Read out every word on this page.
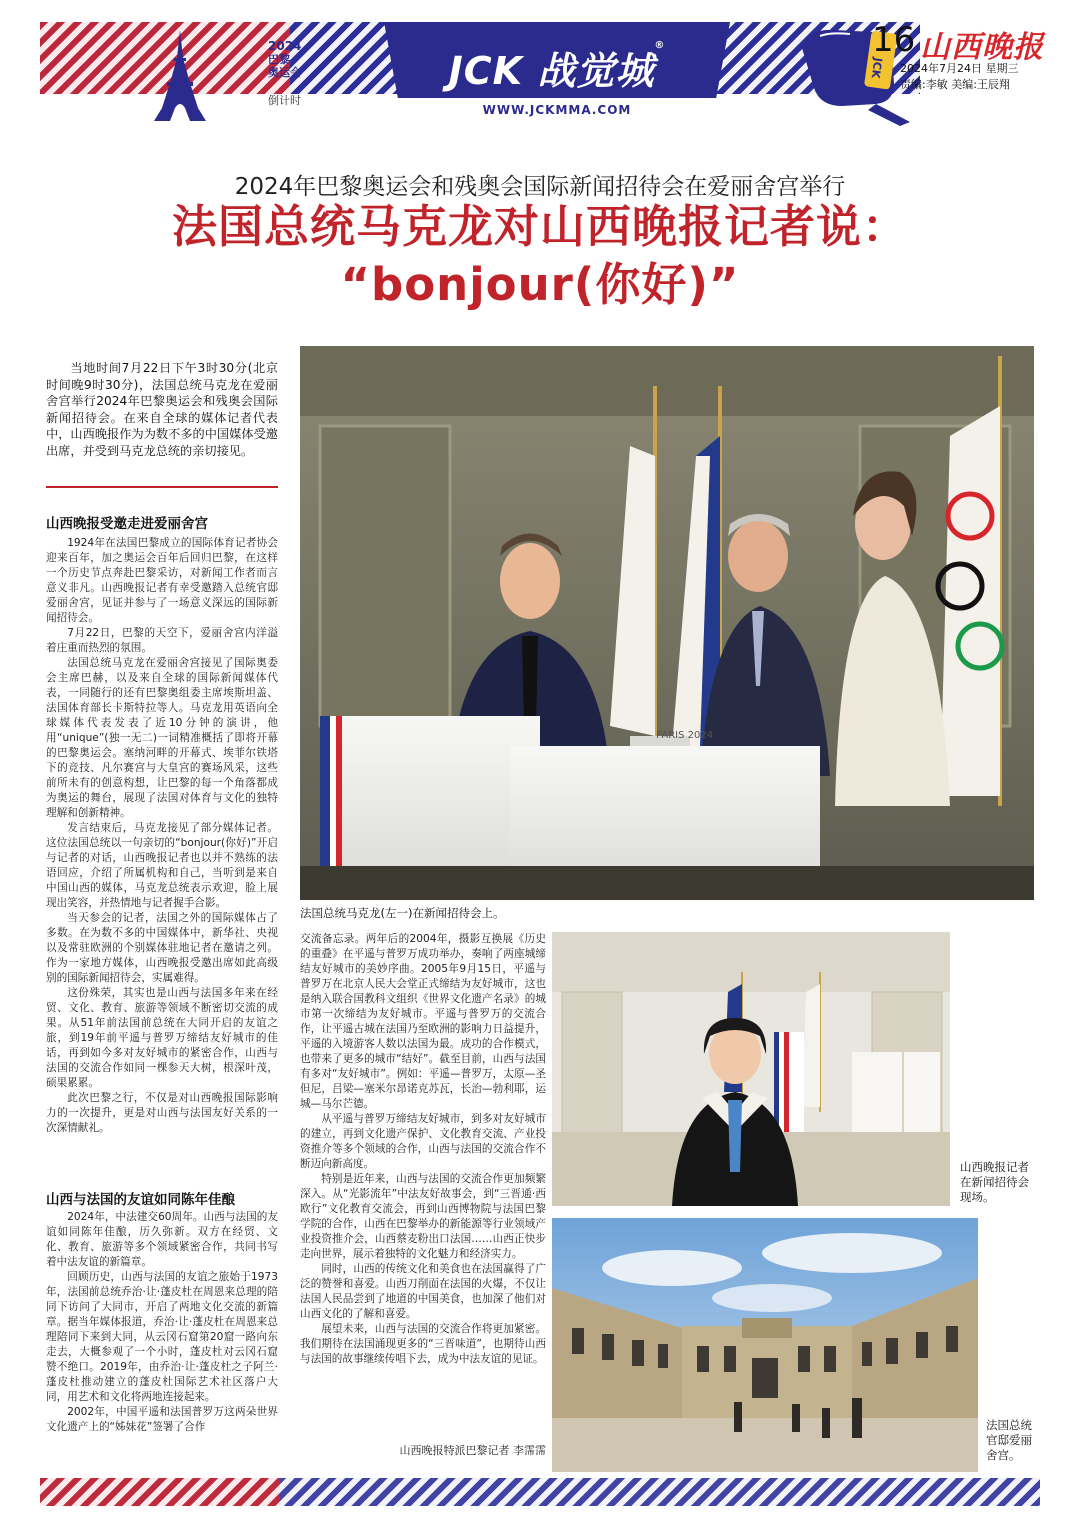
2024
巴黎
奥运会
倒计时
JCK 战觉城®
WWW.JCKMMA.COM
JCK
16 山西晚报
2024年7月24日 星期三
责编:李敏 美编:王辰翔
2024年巴黎奥运会和残奥会国际新闻招待会在爱丽舍宫举行
法国总统马克龙对山西晚报记者说：
“bonjour(你好)”
当地时间7月22日下午3时30分(北京时间晚9时30分)，法国总统马克龙在爱丽舍宫举行2024年巴黎奥运会和残奥会国际新闻招待会。在来自全球的媒体记者代表中，山西晚报作为为数不多的中国媒体受邀出席，并受到马克龙总统的亲切接见。
山西晚报受邀走进爱丽舍宫

1924年在法国巴黎成立的国际体育记者协会迎来百年，加之奥运会百年后回归巴黎，在这样一个历史节点奔赴巴黎采访，对新闻工作者而言意义非凡。山西晚报记者有幸受邀踏入总统官邸爱丽舍宫，见证并参与了一场意义深远的国际新闻招待会。

7月22日，巴黎的天空下，爱丽舍宫内洋溢着庄重而热烈的氛围。

法国总统马克龙在爱丽舍宫接见了国际奥委会主席巴赫，以及来自全球的国际新闻媒体代表，一同随行的还有巴黎奥组委主席埃斯坦盖、法国体育部长卡斯特拉等人。马克龙用英语向全球媒体代表发表了近10分钟的演讲，他用“unique”(独一无二)一词精准概括了即将开幕的巴黎奥运会。塞纳河畔的开幕式、埃菲尔铁塔下的竞技、凡尔赛宫与大皇宫的赛场风采，这些前所未有的创意构想，让巴黎的每一个角落都成为奥运的舞台，展现了法国对体育与文化的独特理解和创新精神。

发言结束后，马克龙接见了部分媒体记者。这位法国总统以一句亲切的“bonjour(你好)”开启与记者的对话，山西晚报记者也以并不熟练的法语回应，介绍了所属机构和自己，当听到是来自中国山西的媒体，马克龙总统表示欢迎，脸上展现出笑容，并热情地与记者握手合影。

当天参会的记者，法国之外的国际媒体占了多数。在为数不多的中国媒体中，新华社、央视以及常驻欧洲的个别媒体驻地记者在邀请之列。作为一家地方媒体，山西晚报受邀出席如此高级别的国际新闻招待会，实属难得。

这份殊荣，其实也是山西与法国多年来在经贸、文化、教育、旅游等领域不断密切交流的成果。从51年前法国前总统在大同开启的友谊之旅，到19年前平遥与普罗万缔结友好城市的佳话，再到如今多对友好城市的紧密合作，山西与法国的交流合作如同一棵参天大树，根深叶茂，硕果累累。

此次巴黎之行，不仅是对山西晚报国际影响力的一次提升，更是对山西与法国友好关系的一次深情献礼。

山西与法国的友谊如同陈年佳酿

2024年，中法建交60周年。山西与法国的友谊如同陈年佳酿，历久弥新。双方在经贸、文化、教育、旅游等多个领域紧密合作，共同书写着中法友谊的新篇章。

回顾历史，山西与法国的友谊之旅始于1973年，法国前总统乔治·让·蓬皮杜在周恩来总理的陪同下访问了大同市，开启了两地文化交流的新篇章。据当年媒体报道，乔治·让·蓬皮杜在周恩来总理陪同下来到大同，从云冈石窟第20窟一路向东走去，大概参观了一个小时，蓬皮杜对云冈石窟赞不绝口。2019年，由乔治·让·蓬皮杜之子阿兰·蓬皮杜推动建立的蓬皮杜国际艺术社区落户大同，用艺术和文化将两地连接起来。

2002年，中国平遥和法国普罗万这两朵世界文化遗产上的“姊妹花”签署了合作

PARIS 2024
法国总统马克龙(左一)在新闻招待会上。

交流备忘录。两年后的2004年，摄影互换展《历史的重叠》在平遥与普罗万成功举办，奏响了两座城缔结友好城市的美妙序曲。2005年9月15日，平遥与普罗万在北京人民大会堂正式缔结为友好城市，这也是纳入联合国教科文组织《世界文化遗产名录》的城市第一次缔结为友好城市。平遥与普罗万的交流合作，让平遥古城在法国乃至欧洲的影响力日益提升，平遥的入境游客人数以法国为最。成功的合作模式，也带来了更多的城市“结好”。截至目前，山西与法国有多对“友好城市”。例如：平遥—普罗万，太原—圣但尼，吕梁—塞米尔昂诺克苏瓦，长治—勃利耶，运城—马尔芒德。

从平遥与普罗万缔结友好城市，到多对友好城市的建立，再到文化遗产保护、文化教育交流、产业投资推介等多个领域的合作，山西与法国的交流合作不断迈向新高度。

特别是近年来，山西与法国的交流合作更加频繁深入。从“光影流年”中法友好故事会，到“三晋通·西欧行”文化教育交流会，再到山西博物院与法国巴黎学院的合作，山西在巴黎举办的新能源等行业领域产业投资推介会，山西蔡麦粉出口法国……山西正快步走向世界，展示着独特的文化魅力和经济实力。

同时，山西的传统文化和美食也在法国赢得了广泛的赞誉和喜爱。山西刀削面在法国的火爆，不仅让法国人民品尝到了地道的中国美食，也加深了他们对山西文化的了解和喜爱。

展望未来，山西与法国的交流合作将更加紧密。我们期待在法国涌现更多的“三晋味道”，也期待山西与法国的故事继续传唱下去，成为中法友谊的见证。

山西晚报特派巴黎记者 李霈霈
山西晚报记者在新闻招待会现场。
法国总统官邸爱丽舍宫。
